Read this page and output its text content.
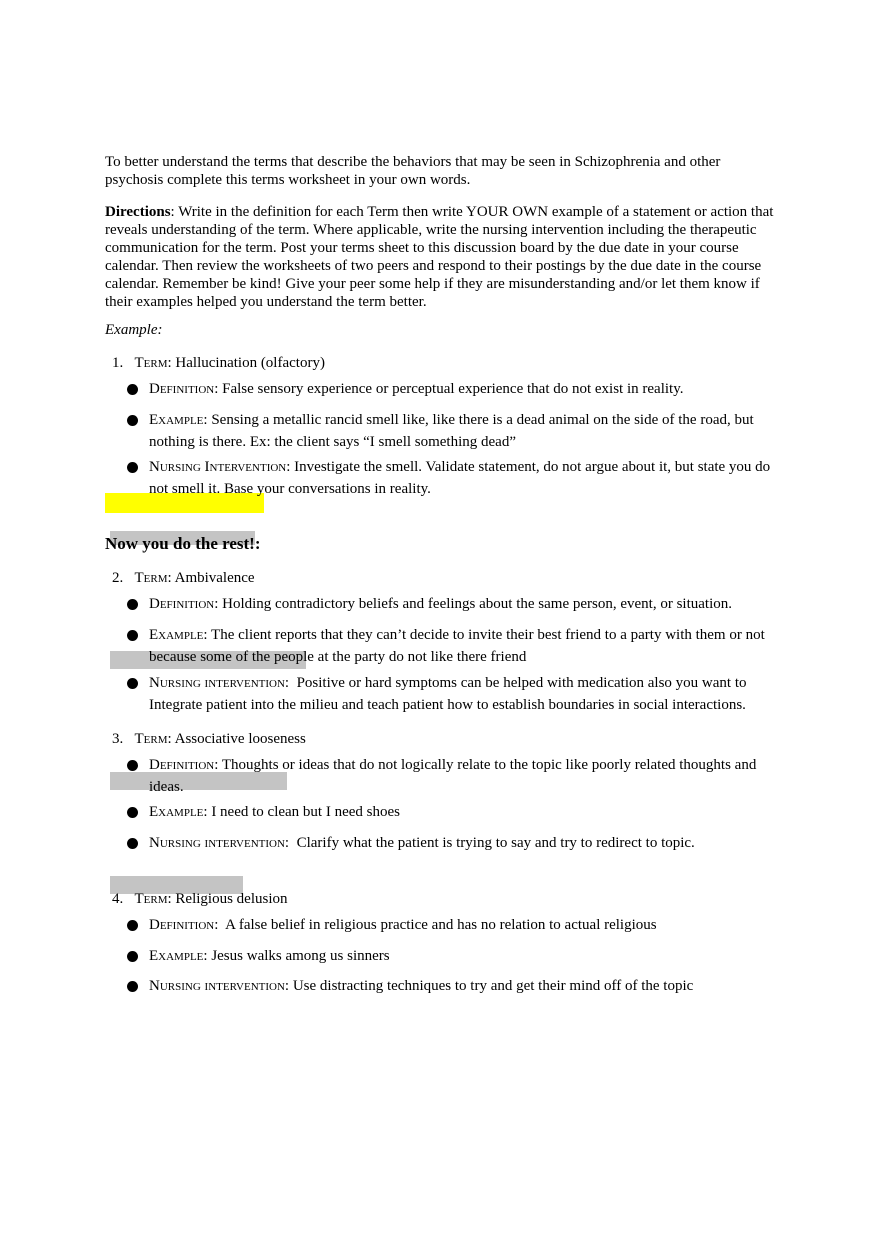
To better understand the terms that describe the behaviors that may be seen in Schizophrenia and other psychosis complete this terms worksheet in your own words.

Directions: Write in the definition for each Term then write YOUR OWN example of a statement or action that reveals understanding of the term. Where applicable, write the nursing intervention including the therapeutic communication for the term. Post your terms sheet to this discussion board by the due date in your course calendar. Then review the worksheets of two peers and respond to their postings by the due date in the course calendar. Remember be kind! Give your peer some help if they are misunderstanding and/or let them know if their examples helped you understand the term better.

Example:
1. Term: Hallucination (olfactory)
Definition: False sensory experience or perceptual experience that do not exist in reality.
Example: Sensing a metallic rancid smell like, like there is a dead animal on the side of the road, but nothing is there. Ex: the client says “I smell something dead”
Nursing Intervention: Investigate the smell. Validate statement, do not argue about it, but state you do not smell it. Base your conversations in reality.
Now you do the rest!:
2. Term: Ambivalence
Definition: Holding contradictory beliefs and feelings about the same person, event, or situation.
Example: The client reports that they can’t decide to invite their best friend to a party with them or not because some of the people at the party do not like there friend
Nursing intervention: Positive or hard symptoms can be helped with medication also you want to Integrate patient into the milieu and teach patient how to establish boundaries in social interactions.
3. Term: Associative looseness
Definition: Thoughts or ideas that do not logically relate to the topic like poorly related thoughts and ideas.
Example: I need to clean but I need shoes
Nursing intervention: Clarify what the patient is trying to say and try to redirect to topic.
4. Term: Religious delusion
Definition: A false belief in religious practice and has no relation to actual religious
Example: Jesus walks among us sinners
Nursing intervention: Use distracting techniques to try and get their mind off of the topic
